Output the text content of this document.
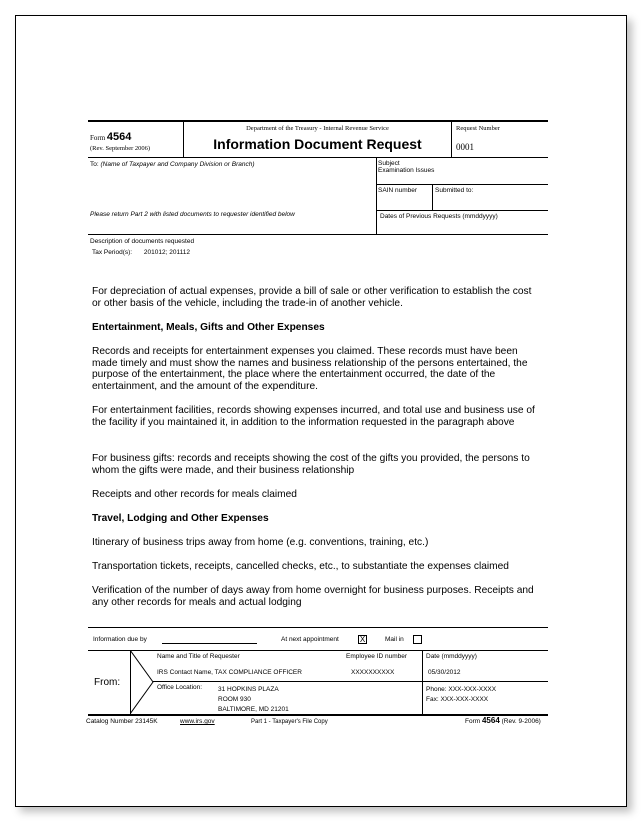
Form 4564
(Rev. September 2006)
Department of the Treasury - Internal Revenue Service
Information Document Request
Request Number
0001
To: (Name of Taxpayer and Company Division or Branch)
Please return Part 2 with listed documents to requester identified below
Subject
Examination Issues
SAIN number	Submitted to:
Dates of Previous Requests (mmddyyyy)
Description of documents requested
Tax Period(s): 201012; 201112
For depreciation of actual expenses, provide a bill of sale or other verification to establish the cost or other basis of the vehicle, including the trade-in of another vehicle.
Entertainment, Meals, Gifts and Other Expenses
Records and receipts for entertainment expenses you claimed. These records must have been made timely and must show the names and business relationship of the persons entertained, the purpose of the entertainment, the place where the entertainment occurred, the date of the entertainment, and the amount of the expenditure.
For entertainment facilities, records showing expenses incurred, and total use and business use of the facility if you maintained it, in addition to the information requested in the paragraph above
For business gifts: records and receipts showing the cost of the gifts you provided, the persons to whom the gifts were made, and their business relationship
Receipts and other records for meals claimed
Travel, Lodging and Other Expenses
Itinerary of business trips away from home (e.g. conventions, training, etc.)
Transportation tickets, receipts, cancelled checks, etc., to substantiate the expenses claimed
Verification of the number of days away from home overnight for business purposes. Receipts and any other records for meals and actual lodging
Information due by	At next appointment	X	Mail in
From:
Name and Title of Requester
IRS Contact Name, TAX COMPLIANCE OFFICER
Employee ID number
XXXXXXXXXX
Date (mmddyyyy)
05/30/2012
Office Location: 31 HOPKINS PLAZA
ROOM 930
BALTIMORE, MD 21201
Phone: XXX-XXX-XXXX
Fax: XXX-XXX-XXXX
Catalog Number 23145K	www.irs.gov	Part 1 - Taxpayer's File Copy	Form 4564 (Rev. 9-2006)
